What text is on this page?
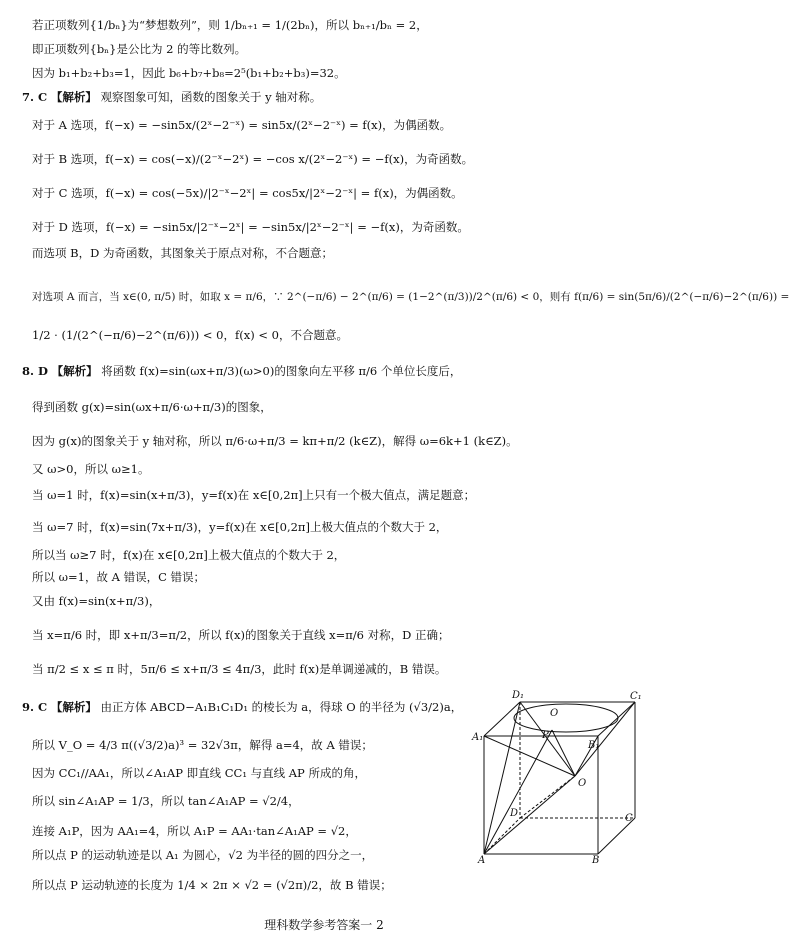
若正项数列{1/bₙ}为“梦想数列”，则 1/bₙ₊₁ = 1/(2bₙ)，所以 bₙ₊₁/bₙ = 2，
即正项数列{bₙ}是公比为 2 的等比数列。
因为 b₁+b₂+b₃=1，因此 b₆+b₇+b₈=2⁵(b₁+b₂+b₃)=32。
7. C 【解析】 观察图象可知，函数的图象关于 y 轴对称。
对于 A 选项，f(−x) = −sin5x/(2ˣ−2⁻ˣ) = sin5x/(2ˣ−2⁻ˣ) = f(x)，为偶函数。
对于 B 选项，f(−x) = cos(−x)/(2⁻ˣ−2ˣ) = −cos x/(2ˣ−2⁻ˣ) = −f(x)，为奇函数。
对于 C 选项，f(−x) = cos(−5x)/|2⁻ˣ−2ˣ| = cos5x/|2ˣ−2⁻ˣ| = f(x)，为偶函数。
对于 D 选项，f(−x) = −sin5x/|2⁻ˣ−2ˣ| = −sin5x/|2ˣ−2⁻ˣ| = −f(x)，为奇函数。
而选项 B，D 为奇函数，其图象关于原点对称，不合题意；
对选项 A 而言，当 x∈(0, π/5) 时，如取 x = π/6，∵ 2^(−π/6) − 2^(π/6) = (1−2^(π/3))/2^(π/6) < 0，则有 f(π/6) = sin(5π/6)/(2^(−π/6)−2^(π/6)) =
1/2 · (1/(2^(−π/6)−2^(π/6))) < 0，f(x) < 0，不合题意。
8. D 【解析】 将函数 f(x)=sin(ωx+π/3)(ω>0)的图象向左平移 π/6 个单位长度后，
得到函数 g(x)=sin(ωx+π/6·ω+π/3)的图象，
因为 g(x)的图象关于 y 轴对称，所以 π/6·ω+π/3 = kπ+π/2 (k∈Z)，解得 ω=6k+1 (k∈Z)。
又 ω>0，所以 ω≥1。
当 ω=1 时，f(x)=sin(x+π/3)，y=f(x)在 x∈[0,2π]上只有一个极大值点，满足题意；
当 ω=7 时，f(x)=sin(7x+π/3)，y=f(x)在 x∈[0,2π]上极大值点的个数大于 2，
所以当 ω≥7 时，f(x)在 x∈[0,2π]上极大值点的个数大于 2，
所以 ω=1，故 A 错误，C 错误；
又由 f(x)=sin(x+π/3)，
当 x=π/6 时，即 x+π/3=π/2，所以 f(x)的图象关于直线 x=π/6 对称，D 正确；
当 π/2 ≤ x ≤ π 时，5π/6 ≤ x+π/3 ≤ 4π/3，此时 f(x)是单调递减的，B 错误。
9. C 【解析】 由正方体 ABCD−A₁B₁C₁D₁ 的棱长为 a，得球 O 的半径为 (√3/2)a，
所以 V_O = 4/3 π((√3/2)a)³ = 32√3π，解得 a=4，故 A 错误；
因为 CC₁//AA₁，所以∠A₁AP 即直线 CC₁ 与直线 AP 所成的角，
所以 sin∠A₁AP = 1/3，所以 tan∠A₁AP = √2/4，
连接 A₁P，因为 AA₁=4，所以 A₁P = AA₁·tan∠A₁AP = √2，
所以点 P 的运动轨迹是以 A₁ 为圆心，√2 为半径的圆的四分之一，
所以点 P 运动轨迹的长度为 1/4 × 2π × √2 = (√2π)/2，故 B 错误；
D₁
A₁
B₁
C₁
O
P
O
A	B
C
D
理科数学参考答案一 2
